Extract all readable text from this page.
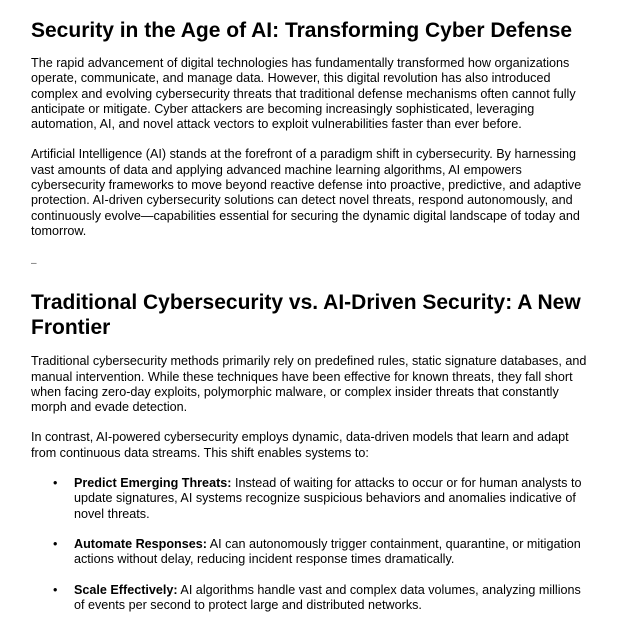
Security in the Age of AI: Transforming Cyber Defense

The rapid advancement of digital technologies has fundamentally transformed how organizations operate, communicate, and manage data. However, this digital revolution has also introduced complex and evolving cybersecurity threats that traditional defense mechanisms often cannot fully anticipate or mitigate. Cyber attackers are becoming increasingly sophisticated, leveraging automation, AI, and novel attack vectors to exploit vulnerabilities faster than ever before.

Artificial Intelligence (AI) stands at the forefront of a paradigm shift in cybersecurity. By harnessing vast amounts of data and applying advanced machine learning algorithms, AI empowers cybersecurity frameworks to move beyond reactive defense into proactive, predictive, and adaptive protection. AI-driven cybersecurity solutions can detect novel threats, respond autonomously, and continuously evolve—capabilities essential for securing the dynamic digital landscape of today and tomorrow.

–
Traditional Cybersecurity vs. AI-Driven Security: A New Frontier

Traditional cybersecurity methods primarily rely on predefined rules, static signature databases, and manual intervention. While these techniques have been effective for known threats, they fall short when facing zero-day exploits, polymorphic malware, or complex insider threats that constantly morph and evade detection.

In contrast, AI-powered cybersecurity employs dynamic, data-driven models that learn and adapt from continuous data streams. This shift enables systems to:

• Predict Emerging Threats: Instead of waiting for attacks to occur or for human analysts to update signatures, AI systems recognize suspicious behaviors and anomalies indicative of novel threats.
• Automate Responses: AI can autonomously trigger containment, quarantine, or mitigation actions without delay, reducing incident response times dramatically.
• Scale Effectively: AI algorithms handle vast and complex data volumes, analyzing millions of events per second to protect large and distributed networks.
